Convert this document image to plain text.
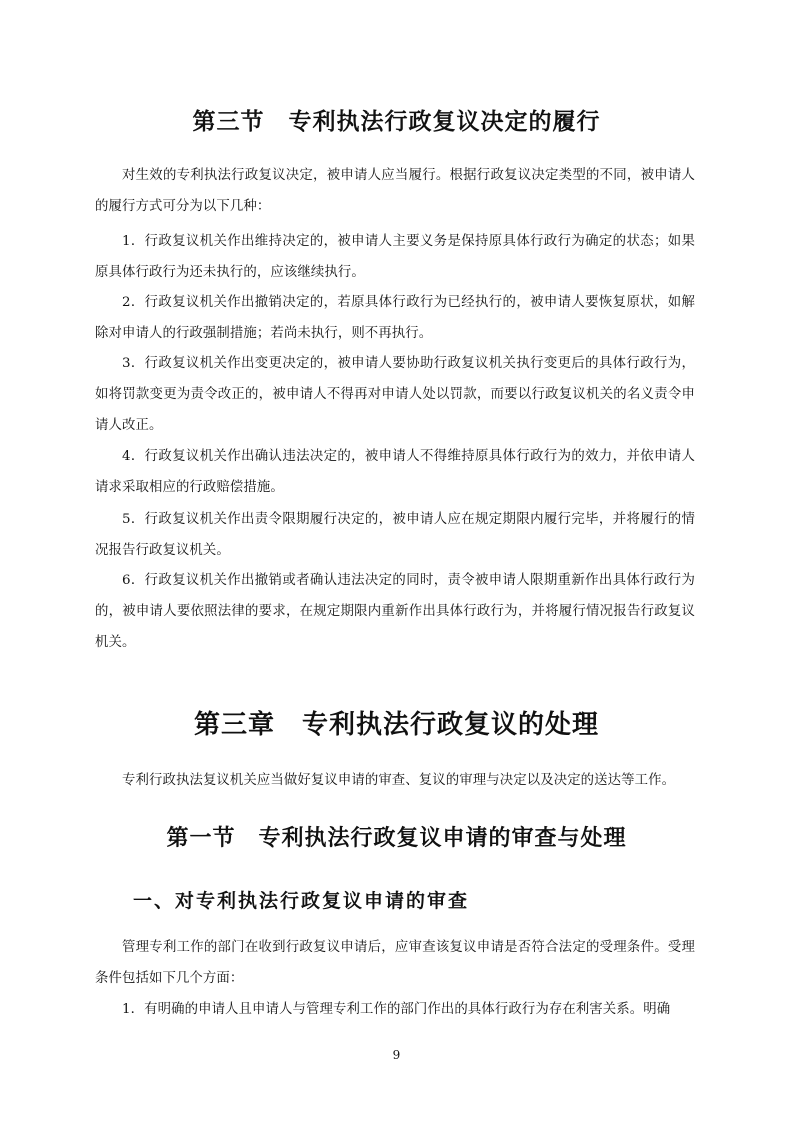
第三节　专利执法行政复议决定的履行
对生效的专利执法行政复议决定，被申请人应当履行。根据行政复议决定类型的不同，被申请人的履行方式可分为以下几种：
1．行政复议机关作出维持决定的，被申请人主要义务是保持原具体行政行为确定的状态；如果原具体行政行为还未执行的，应该继续执行。
2．行政复议机关作出撤销决定的，若原具体行政行为已经执行的，被申请人要恢复原状，如解除对申请人的行政强制措施；若尚未执行，则不再执行。
3．行政复议机关作出变更决定的，被申请人要协助行政复议机关执行变更后的具体行政行为，如将罚款变更为责令改正的，被申请人不得再对申请人处以罚款，而要以行政复议机关的名义责令申请人改正。
4．行政复议机关作出确认违法决定的，被申请人不得维持原具体行政行为的效力，并依申请人请求采取相应的行政赔偿措施。
5．行政复议机关作出责令限期履行决定的，被申请人应在规定期限内履行完毕，并将履行的情况报告行政复议机关。
6．行政复议机关作出撤销或者确认违法决定的同时，责令被申请人限期重新作出具体行政行为的，被申请人要依照法律的要求，在规定期限内重新作出具体行政行为，并将履行情况报告行政复议机关。
第三章　专利执法行政复议的处理
专利行政执法复议机关应当做好复议申请的审查、复议的审理与决定以及决定的送达等工作。
第一节　专利执法行政复议申请的审查与处理
一、对专利执法行政复议申请的审查
管理专利工作的部门在收到行政复议申请后，应审查该复议申请是否符合法定的受理条件。受理条件包括如下几个方面：
1．有明确的申请人且申请人与管理专利工作的部门作出的具体行政行为存在利害关系。明确
9
